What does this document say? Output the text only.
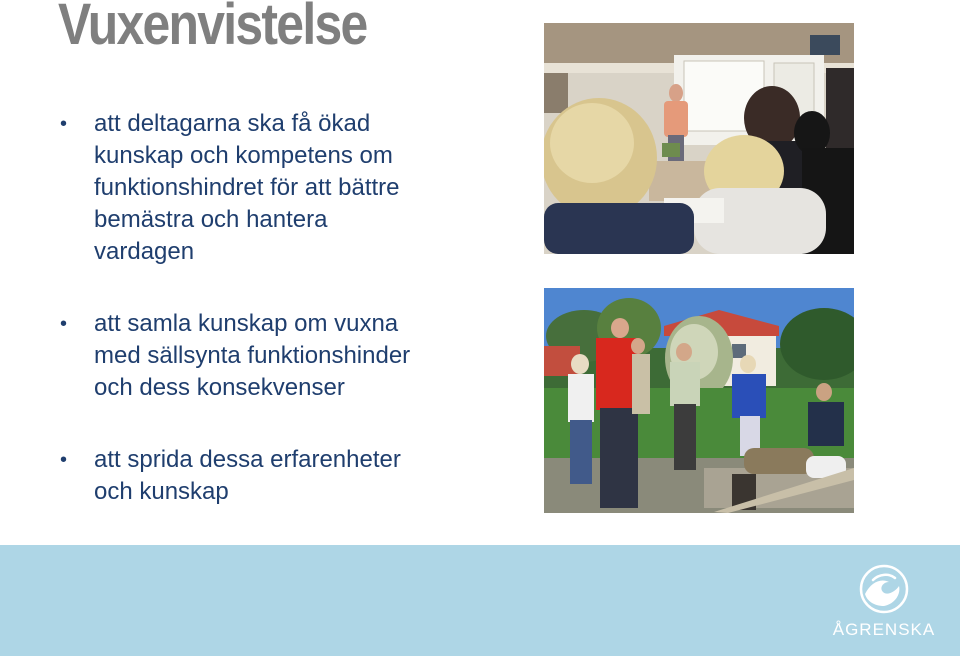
Vuxenvistelse
• att deltagarna ska få ökad
kunskap och kompetens om
funktionshindret för att bättre
bemästra och hantera
vardagen
• att samla kunskap om vuxna
med sällsynta funktionshinder
och dess konsekvenser
• att sprida dessa erfarenheter
och kunskap
ÅGRENSKA
